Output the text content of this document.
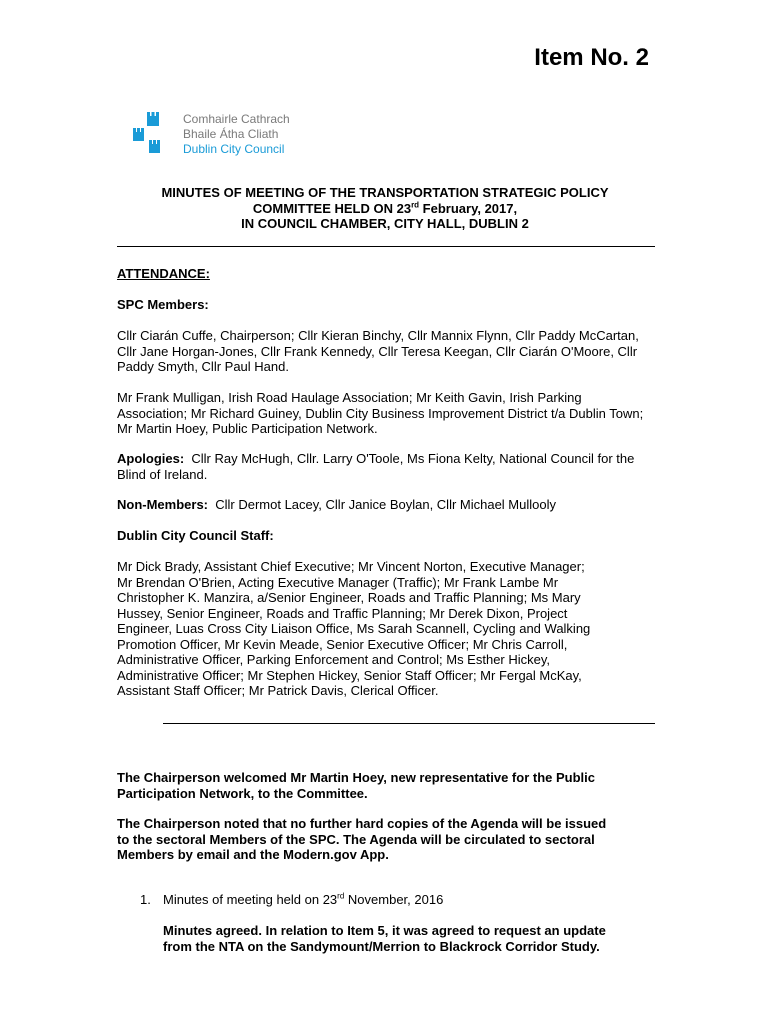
Item No. 2
Comhairle Cathrach
Bhaile Átha Cliath
Dublin City Council
MINUTES OF MEETING OF THE TRANSPORTATION STRATEGIC POLICY
COMMITTEE HELD ON 23rd February, 2017,
IN COUNCIL CHAMBER, CITY HALL, DUBLIN 2
ATTENDANCE:
SPC Members:
Cllr Ciarán Cuffe, Chairperson; Cllr Kieran Binchy, Cllr Mannix Flynn, Cllr Paddy McCartan,
Cllr Jane Horgan-Jones, Cllr Frank Kennedy, Cllr Teresa Keegan, Cllr Ciarán O'Moore, Cllr
Paddy Smyth, Cllr Paul Hand.
Mr Frank Mulligan, Irish Road Haulage Association; Mr Keith Gavin, Irish Parking
Association; Mr Richard Guiney, Dublin City Business Improvement District t/a Dublin Town;
Mr Martin Hoey, Public Participation Network.
Apologies:  Cllr Ray McHugh, Cllr. Larry O'Toole, Ms Fiona Kelty, National Council for the
Blind of Ireland.
Non-Members:  Cllr Dermot Lacey, Cllr Janice Boylan, Cllr Michael Mullooly
Dublin City Council Staff:
Mr Dick Brady, Assistant Chief Executive; Mr Vincent Norton, Executive Manager;
Mr Brendan O'Brien, Acting Executive Manager (Traffic); Mr Frank Lambe Mr
Christopher K. Manzira, a/Senior Engineer, Roads and Traffic Planning; Ms Mary
Hussey, Senior Engineer, Roads and Traffic Planning; Mr Derek Dixon, Project
Engineer, Luas Cross City Liaison Office, Ms Sarah Scannell, Cycling and Walking
Promotion Officer, Mr Kevin Meade, Senior Executive Officer; Mr Chris Carroll,
Administrative Officer, Parking Enforcement and Control; Ms Esther Hickey,
Administrative Officer; Mr Stephen Hickey, Senior Staff Officer; Mr Fergal McKay,
Assistant Staff Officer; Mr Patrick Davis, Clerical Officer.
The Chairperson welcomed Mr Martin Hoey, new representative for the Public
Participation Network, to the Committee.
The Chairperson noted that no further hard copies of the Agenda will be issued
to the sectoral Members of the SPC. The Agenda will be circulated to sectoral
Members by email and the Modern.gov App.
1. Minutes of meeting held on 23rd November, 2016
Minutes agreed. In relation to Item 5, it was agreed to request an update
from the NTA on the Sandymount/Merrion to Blackrock Corridor Study.
